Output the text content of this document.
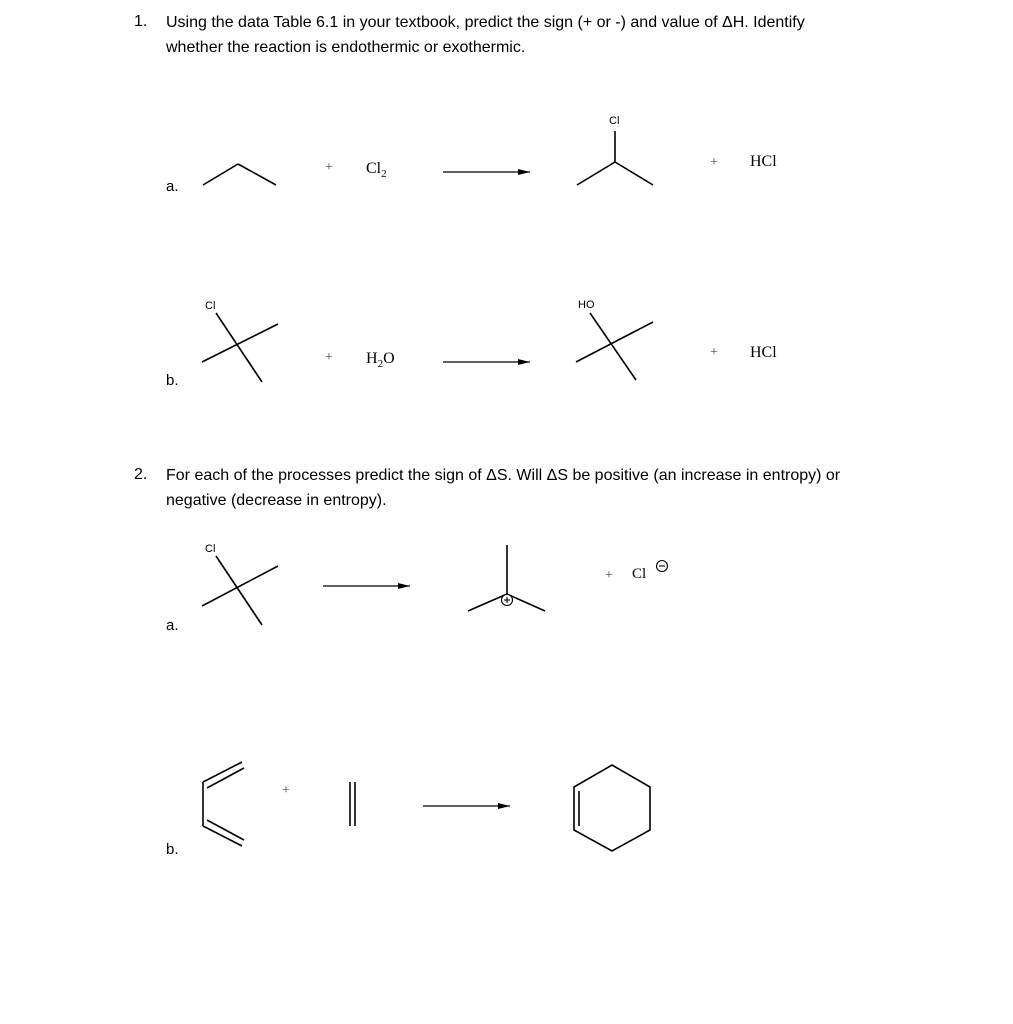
1. Using the data Table 6.1 in your textbook, predict the sign (+ or -) and value of ΔH. Identify
whether the reaction is endothermic or exothermic.
a.
+ $Cl_2$
Cl
+ HCl
b.
Cl
+ $H_2O$
HO
+ HCl
2. For each of the processes predict the sign of ΔS. Will ΔS be positive (an increase in entropy) or
negative (decrease in entropy).
a.
Cl
+ Cl
b.
+
